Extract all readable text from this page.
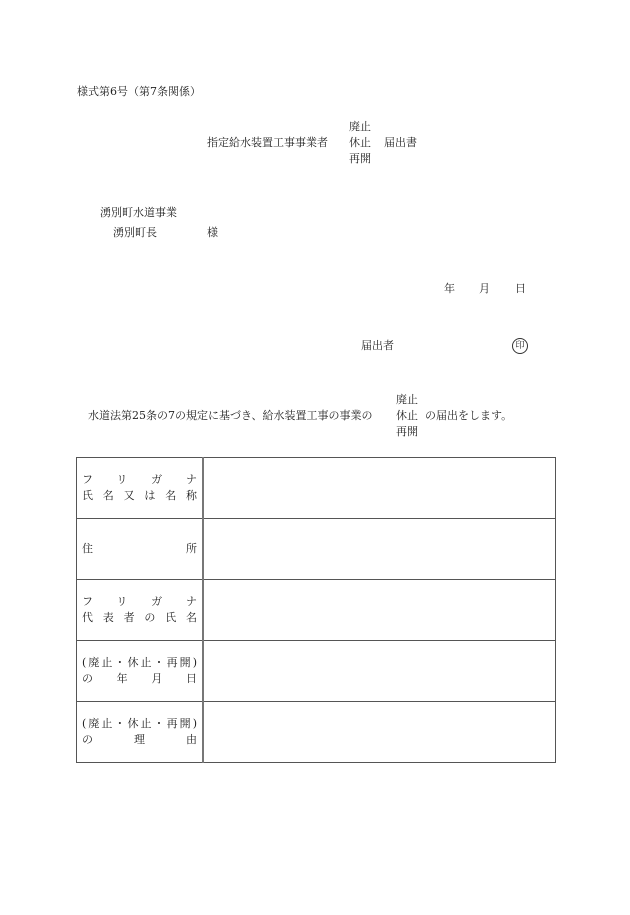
様式第6号（第7条関係）
指定給水装置工事事業者
廃止
休止
再開
届出書
湧別町水道事業
湧別町長	様
年 月 日
届出者	印
水道法第25条の7の規定に基づき、給水装置工事の事業の
廃止
休止
再開
の届出をします。
フリガナ
氏名又は名称	

住所	

フリガナ
代表者の氏名	

(廃止・休止・再開)
の年月日	

(廃止・休止・再開)
の理由	
